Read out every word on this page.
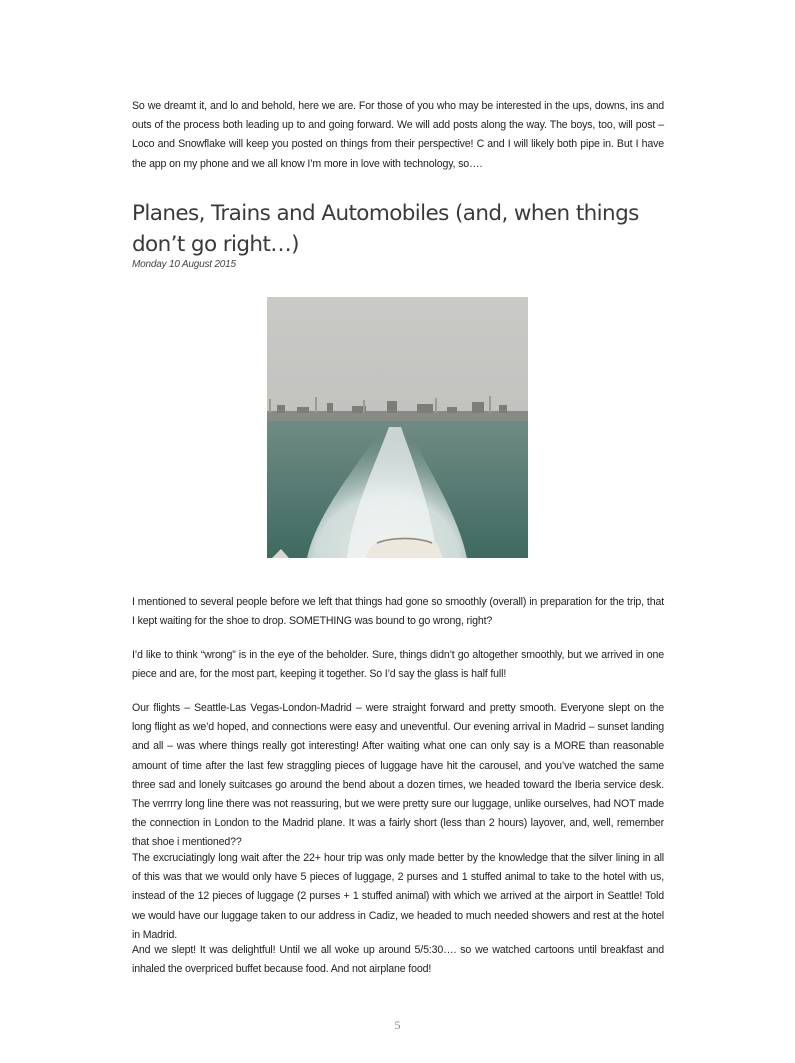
So we dreamt it, and lo and behold, here we are. For those of you who may be interested in the ups, downs, ins and outs of the process both leading up to and going forward. We will add posts along the way. The boys, too, will post – Loco and Snowflake will keep you posted on things from their perspective! C and I will likely both pipe in. But I have the app on my phone and we all know I’m more in love with technology, so….
Planes, Trains and Automobiles (and, when things don’t go right…)
Monday 10 August 2015
I mentioned to several people before we left that things had gone so smoothly (overall) in preparation for the trip, that I kept waiting for the shoe to drop. SOMETHING was bound to go wrong, right?
I’d like to think “wrong” is in the eye of the beholder. Sure, things didn’t go altogether smoothly, but we arrived in one piece and are, for the most part, keeping it together. So I’d say the glass is half full!
Our flights – Seattle-Las Vegas-London-Madrid – were straight forward and pretty smooth. Everyone slept on the long flight as we’d hoped, and connections were easy and uneventful. Our evening arrival in Madrid – sunset landing and all – was where things really got interesting! After waiting what one can only say is a MORE than reasonable amount of time after the last few straggling pieces of luggage have hit the carousel, and you’ve watched the same three sad and lonely suitcases go around the bend about a dozen times, we headed toward the Iberia service desk. The verrrry long line there was not reassuring, but we were pretty sure our luggage, unlike ourselves, had NOT made the connection in London to the Madrid plane. It was a fairly short (less than 2 hours) layover, and, well, remember that shoe i mentioned??
The excruciatingly long wait after the 22+ hour trip was only made better by the knowledge that the silver lining in all of this was that we would only have 5 pieces of luggage, 2 purses and 1 stuffed animal to take to the hotel with us, instead of the 12 pieces of luggage (2 purses + 1 stuffed animal) with which we arrived at the airport in Seattle! Told we would have our luggage taken to our address in Cadiz, we headed to much needed showers and rest at the hotel in Madrid.
And we slept! It was delightful! Until we all woke up around 5/5:30…. so we watched cartoons until breakfast and inhaled the overpriced buffet because food. And not airplane food!
5
